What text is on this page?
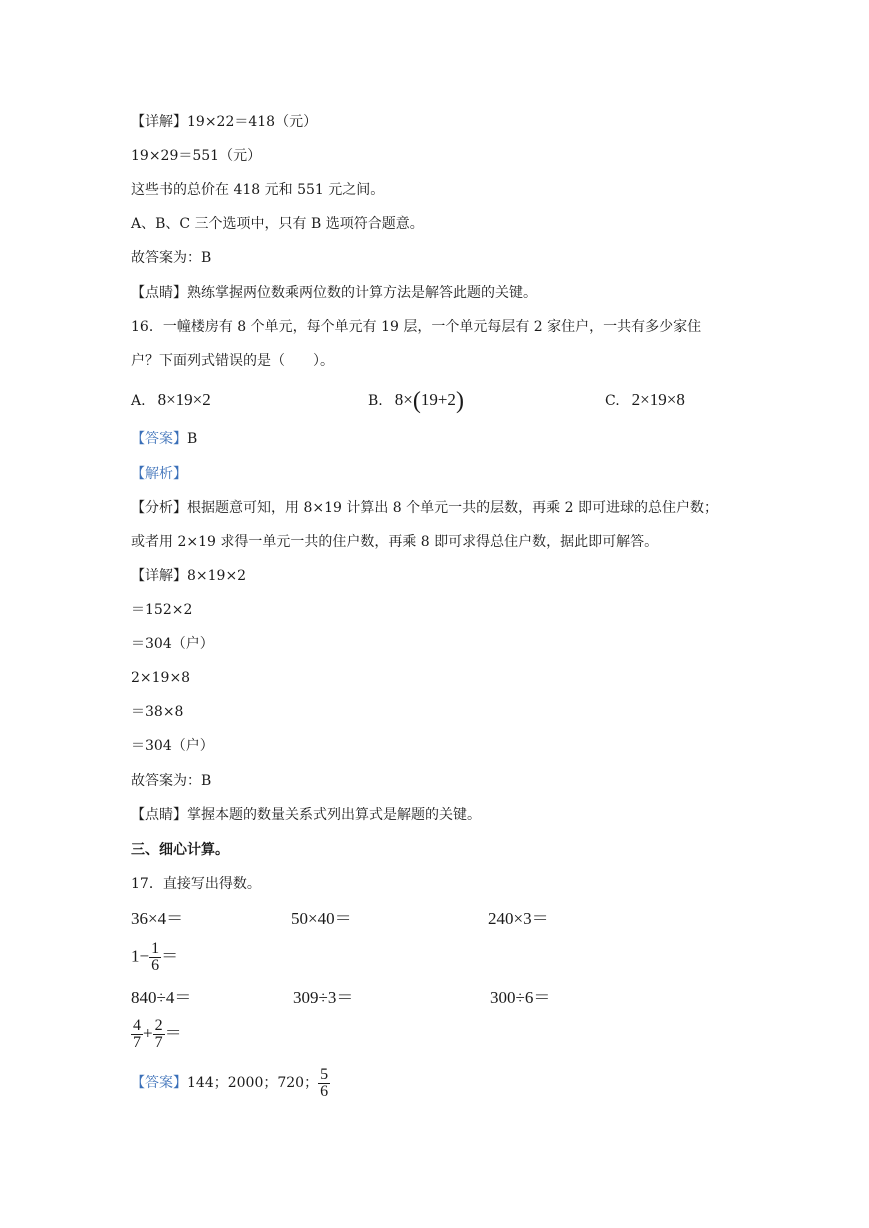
【详解】19×22＝418（元）
19×29＝551（元）
这些书的总价在 418 元和 551 元之间。
A、B、C 三个选项中，只有 B 选项符合题意。
故答案为：B
【点睛】熟练掌握两位数乘两位数的计算方法是解答此题的关键。
16．一幢楼房有 8 个单元，每个单元有 19 层，一个单元每层有 2 家住户，一共有多少家住
户？下面列式错误的是（　　）。
A. 8×19×2	B. 8×(19+2)	C. 2×19×8
【答案】B
【解析】
【分析】根据题意可知，用 8×19 计算出 8 个单元一共的层数，再乘 2 即可进球的总住户数；
或者用 2×19 求得一单元一共的住户数，再乘 8 即可求得总住户数，据此即可解答。
【详解】8×19×2
＝152×2
＝304（户）
2×19×8
＝38×8
＝304（户）
故答案为：B
【点睛】掌握本题的数量关系式列出算式是解题的关键。
三、细心计算。
17．直接写出得数。
36×4＝	50×40＝	240×3＝
$1- \frac{1}{6}$ ＝
840÷4＝	309÷3＝	300÷6＝
$\frac{4}{7} + \frac{2}{7}$ ＝
【答案】144；2000；720； $\frac{5}{6}$
